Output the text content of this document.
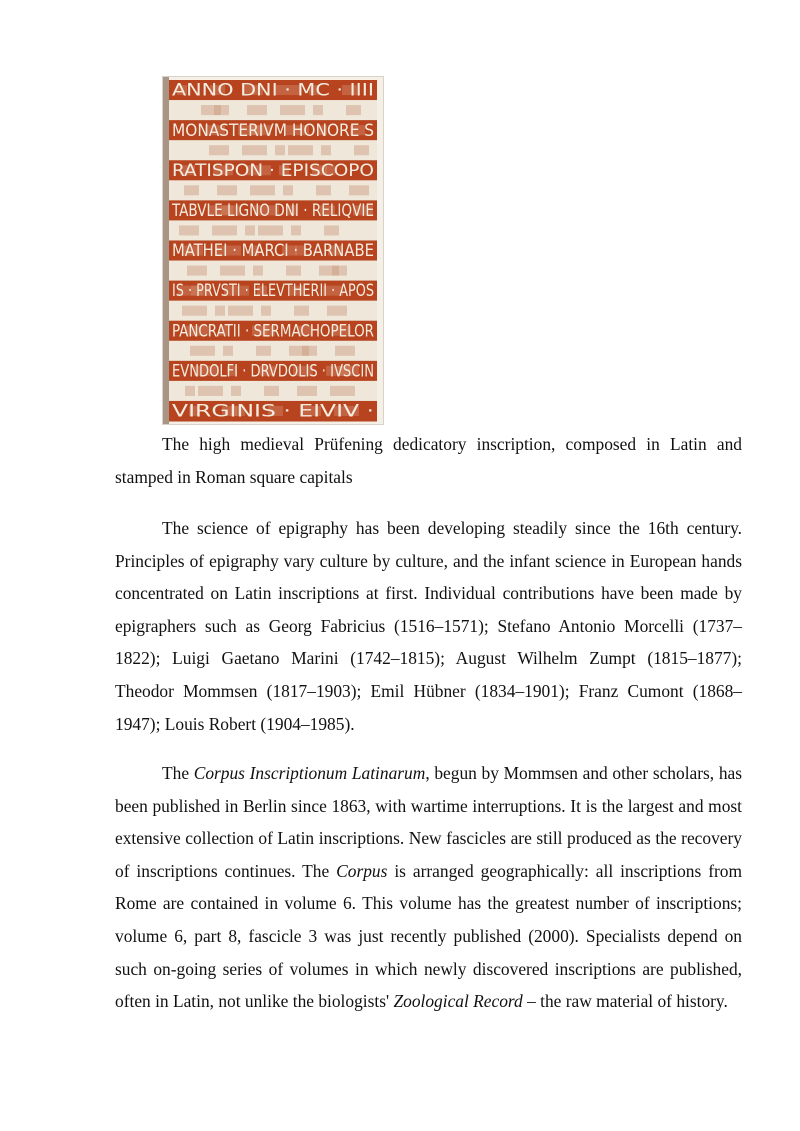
ANNO DNI · MC · IIII
MONASTERIVM HONORE S
RATISPON · EPISCOPO
TABVLE LIGNO DNI · RELIQVIE
MATHEI · MARCI · BARNABE
IS · PRVSTI · ELEVTHERII · APOS
PANCRATII · SERMACHOPELOR
EVNDOLFI · DRVDOLIS · IVSCIN
VIRGINIS · EIVIV ·

The high medieval Prüfening dedicatory inscription, composed in Latin and stamped in Roman square capitals

The science of epigraphy has been developing steadily since the 16th century. Principles of epigraphy vary culture by culture, and the infant science in European hands concentrated on Latin inscriptions at first. Individual contributions have been made by epigraphers such as Georg Fabricius (1516–1571); Stefano Antonio Morcelli (1737–1822); Luigi Gaetano Marini (1742–1815); August Wilhelm Zumpt (1815–1877); Theodor Mommsen (1817–1903); Emil Hübner (1834–1901); Franz Cumont (1868–1947); Louis Robert (1904–1985).

The Corpus Inscriptionum Latinarum, begun by Mommsen and other scholars, has been published in Berlin since 1863, with wartime interruptions. It is the largest and most extensive collection of Latin inscriptions. New fascicles are still produced as the recovery of inscriptions continues. The Corpus is arranged geographically: all inscriptions from Rome are contained in volume 6. This volume has the greatest number of inscriptions; volume 6, part 8, fascicle 3 was just recently published (2000). Specialists depend on such on-going series of volumes in which newly discovered inscriptions are published, often in Latin, not unlike the biologists' Zoological Record – the raw material of history.
